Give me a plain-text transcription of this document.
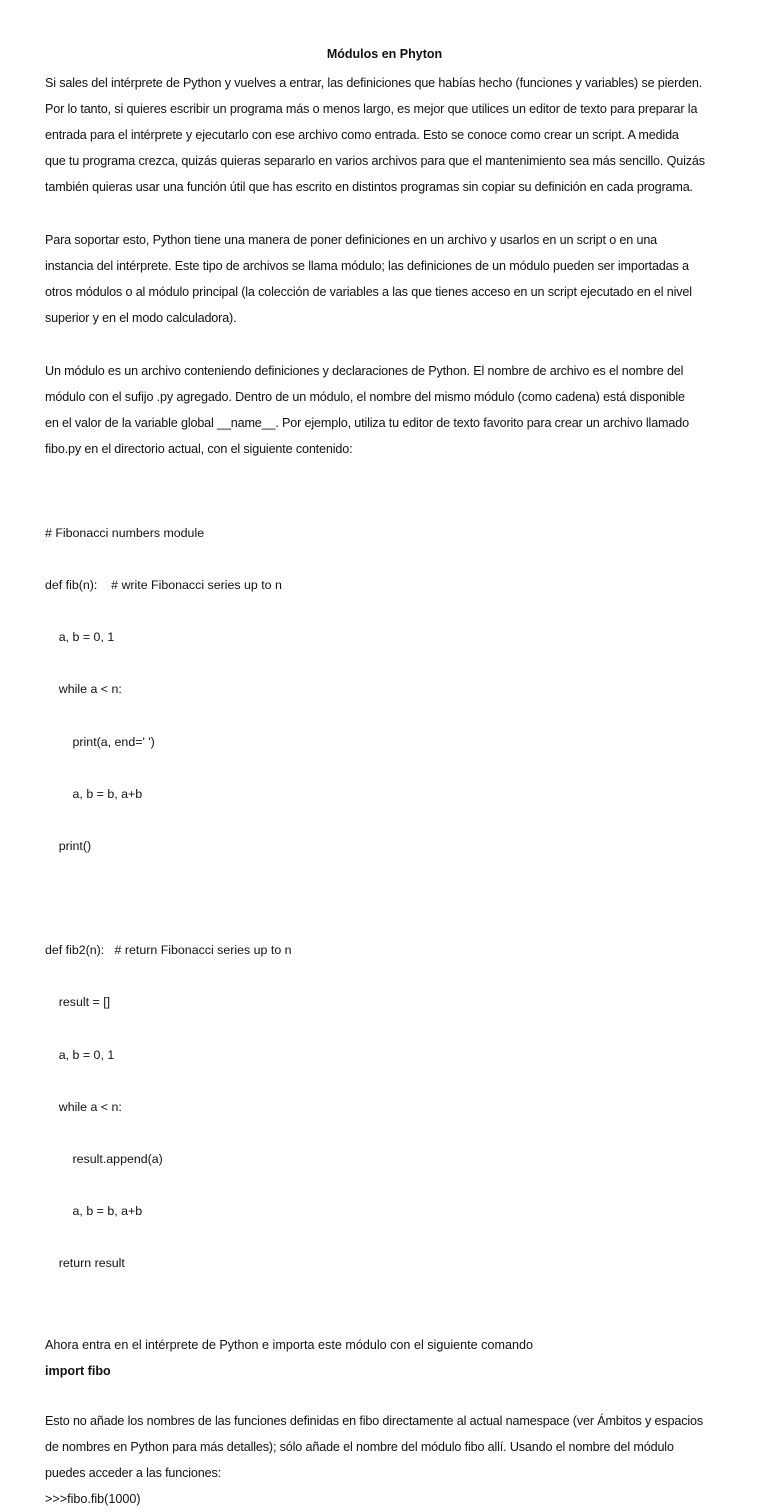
Módulos en Phyton

Si sales del intérprete de Python y vuelves a entrar, las definiciones que habías hecho (funciones y variables) se pierden.
Por lo tanto, si quieres escribir un programa más o menos largo, es mejor que utilices un editor de texto para preparar la
entrada para el intérprete y ejecutarlo con ese archivo como entrada. Esto se conoce como crear un script. A medida
que tu programa crezca, quizás quieras separarlo en varios archivos para que el mantenimiento sea más sencillo. Quizás
también quieras usar una función útil que has escrito en distintos programas sin copiar su definición en cada programa.

Para soportar esto, Python tiene una manera de poner definiciones en un archivo y usarlos en un script o en una
instancia del intérprete. Este tipo de archivos se llama módulo; las definiciones de un módulo pueden ser importadas a
otros módulos o al módulo principal (la colección de variables a las que tienes acceso en un script ejecutado en el nivel
superior y en el modo calculadora).

Un módulo es un archivo conteniendo definiciones y declaraciones de Python. El nombre de archivo es el nombre del
módulo con el sufijo .py agregado. Dentro de un módulo, el nombre del mismo módulo (como cadena) está disponible
en el valor de la variable global __name__. Por ejemplo, utiliza tu editor de texto favorito para crear un archivo llamado
fibo.py en el directorio actual, con el siguiente contenido:

# Fibonacci numbers module

def fib(n):    # write Fibonacci series up to n

a, b = 0, 1

while a < n:

print(a, end=' ')

a, b = b, a+b

print()

def fib2(n):   # return Fibonacci series up to n

result = []

a, b = 0, 1

while a < n:

result.append(a)

a, b = b, a+b

return result

Ahora entra en el intérprete de Python e importa este módulo con el siguiente comando
import fibo

Esto no añade los nombres de las funciones definidas en fibo directamente al actual namespace (ver Ámbitos y espacios
de nombres en Python para más detalles); sólo añade el nombre del módulo fibo allí. Usando el nombre del módulo
puedes acceder a las funciones:

>>>fibo.fib(1000)
